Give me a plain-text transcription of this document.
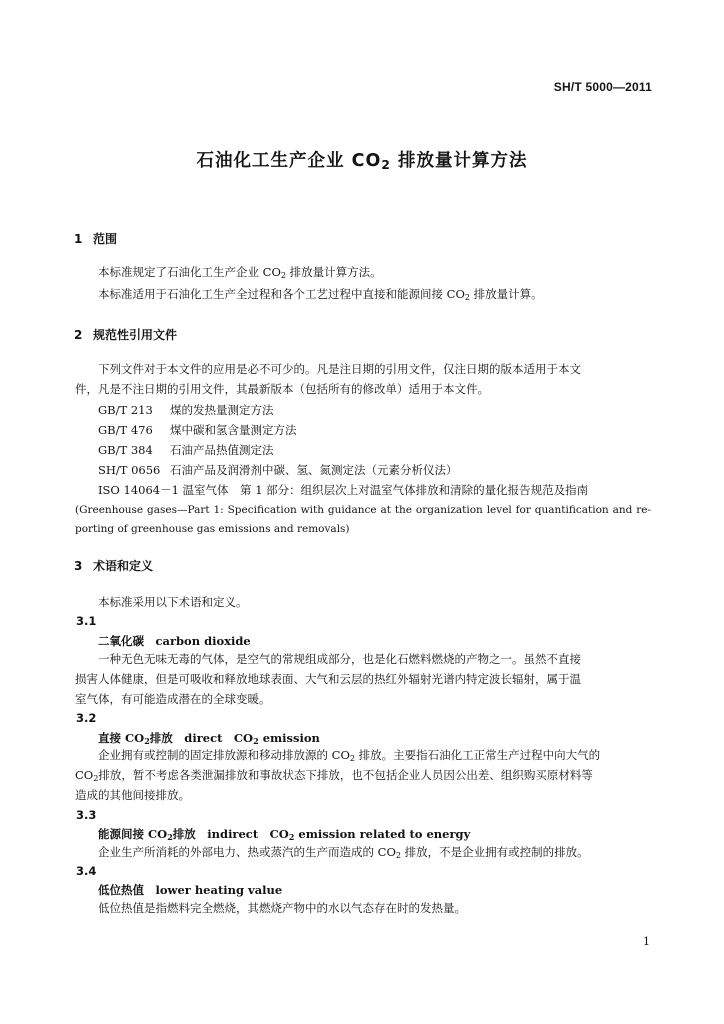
SH/T 5000—2011
石油化工生产企业 $CO_2$ 排放量计算方法
1 范围
本标准规定了石油化工生产企业 $CO_2$ 排放量计算方法。
本标准适用于石油化工生产全过程和各个工艺过程中直接和能源间接 $CO_2$ 排放量计算。
2 规范性引用文件
下列文件对于本文件的应用是必不可少的。凡是注日期的引用文件，仅注日期的版本适用于本文
件，凡是不注日期的引用文件，其最新版本（包括所有的修改单）适用于本文件。
GB/T 213 煤的发热量测定方法
GB/T 476 煤中碳和氢含量测定方法
GB/T 384 石油产品热值测定法
SH/T 0656 石油产品及润滑剂中碳、氢、氮测定法（元素分析仪法）
ISO 14064－1 温室气体　第 1 部分：组织层次上对温室气体排放和清除的量化报告规范及指南
(Greenhouse gases—Part 1: Specification with guidance at the organization level for quantification and re-
porting of greenhouse gas emissions and removals)
3 术语和定义
本标准采用以下术语和定义。
3.1
二氧化碳　carbon dioxide
一种无色无味无毒的气体，是空气的常规组成部分，也是化石燃料燃烧的产物之一。虽然不直接
损害人体健康，但是可吸收和释放地球表面、大气和云层的热红外辐射光谱内特定波长辐射，属于温
室气体，有可能造成潜在的全球变暖。
3.2
直接 $CO_2$排放　direct　$CO_2$ emission
企业拥有或控制的固定排放源和移动排放源的 $CO_2$ 排放。主要指石油化工正常生产过程中向大气的
$CO_2$排放，暂不考虑各类泄漏排放和事故状态下排放，也不包括企业人员因公出差、组织购买原材料等
造成的其他间接排放。
3.3
能源间接 $CO_2$排放　indirect　$CO_2$ emission related to energy
企业生产所消耗的外部电力、热或蒸汽的生产而造成的 $CO_2$ 排放，不是企业拥有或控制的排放。
3.4
低位热值　lower heating value
低位热值是指燃料完全燃烧，其燃烧产物中的水以气态存在时的发热量。
1
